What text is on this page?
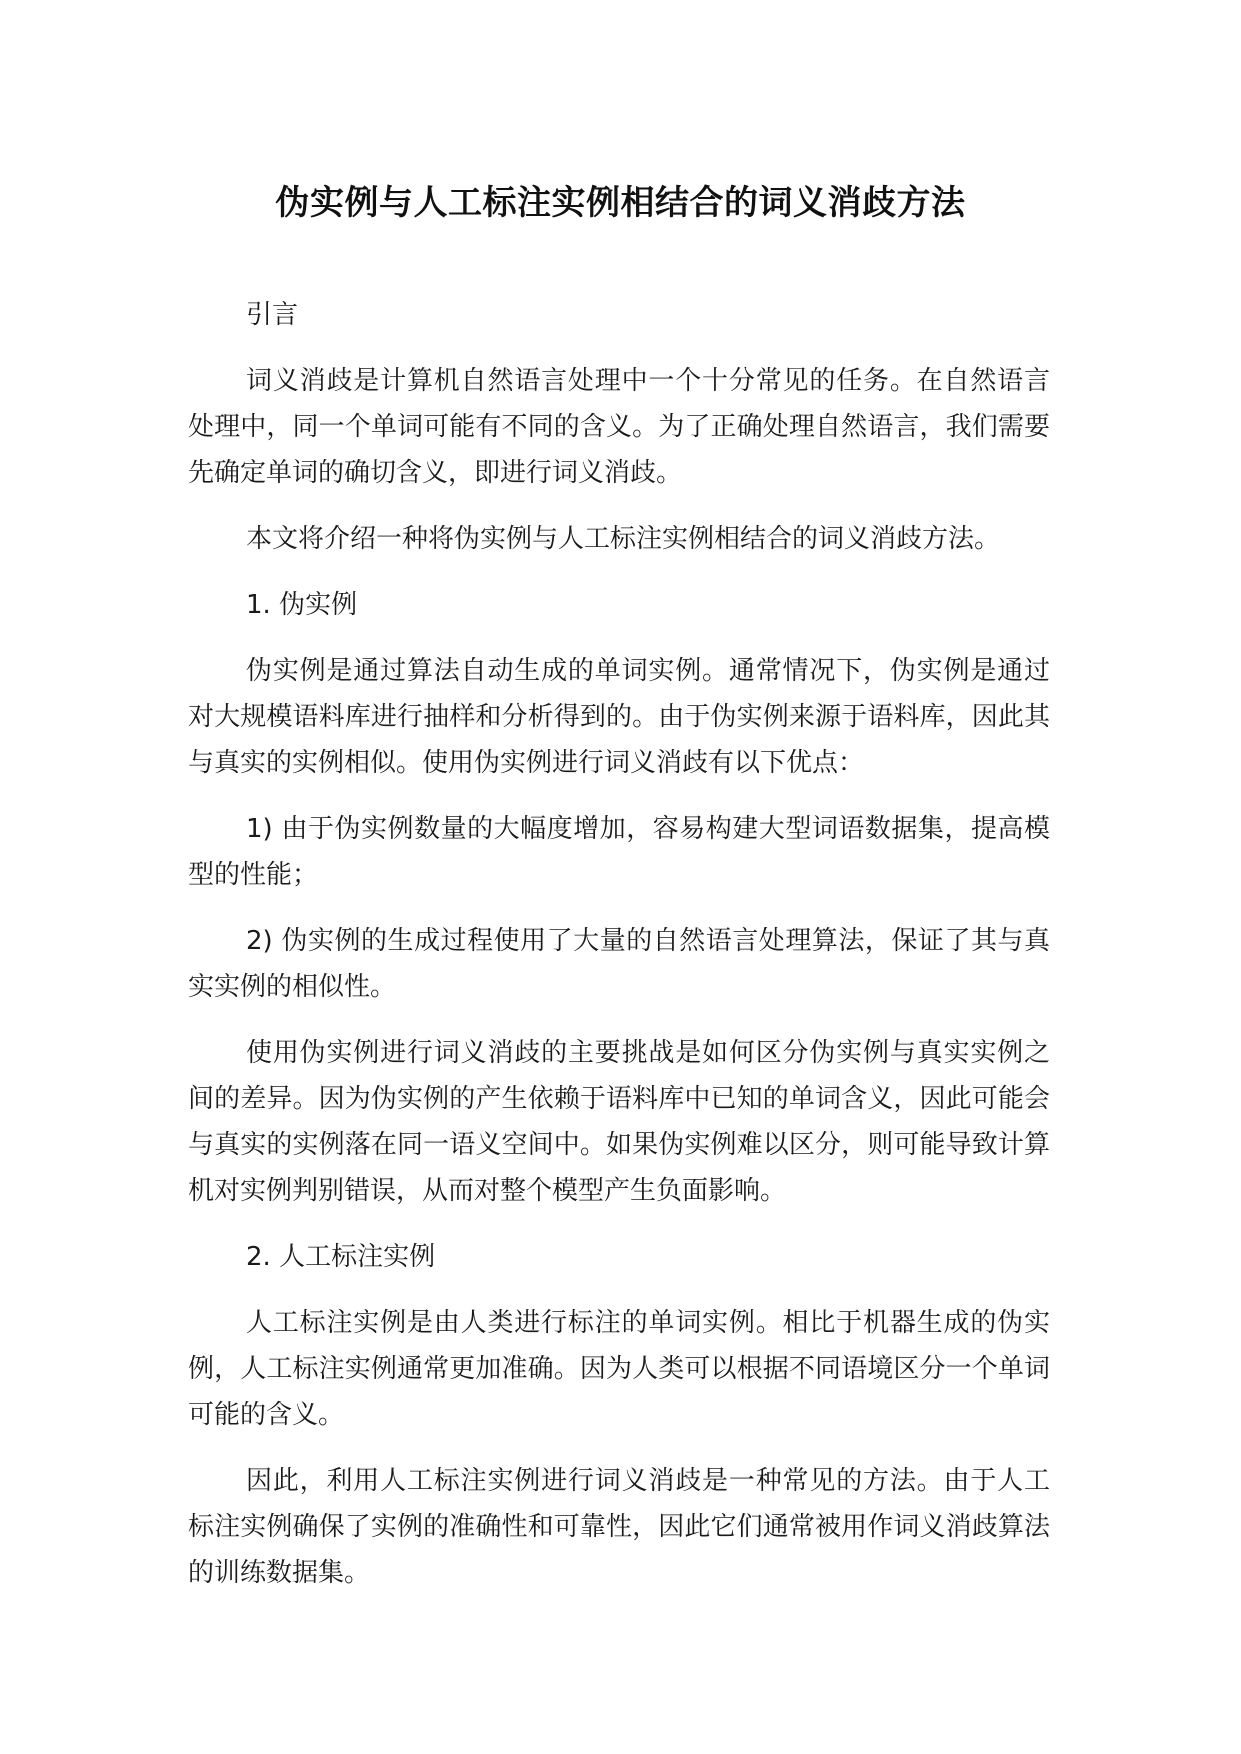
伪实例与人工标注实例相结合的词义消歧方法

引言

词义消歧是计算机自然语言处理中一个十分常见的任务。在自然语言处理中，同一个单词可能有不同的含义。为了正确处理自然语言，我们需要先确定单词的确切含义，即进行词义消歧。

本文将介绍一种将伪实例与人工标注实例相结合的词义消歧方法。

1. 伪实例

伪实例是通过算法自动生成的单词实例。通常情况下，伪实例是通过对大规模语料库进行抽样和分析得到的。由于伪实例来源于语料库，因此其与真实的实例相似。使用伪实例进行词义消歧有以下优点：

1) 由于伪实例数量的大幅度增加，容易构建大型词语数据集，提高模型的性能；

2) 伪实例的生成过程使用了大量的自然语言处理算法，保证了其与真实实例的相似性。

使用伪实例进行词义消歧的主要挑战是如何区分伪实例与真实实例之间的差异。因为伪实例的产生依赖于语料库中已知的单词含义，因此可能会与真实的实例落在同一语义空间中。如果伪实例难以区分，则可能导致计算机对实例判别错误，从而对整个模型产生负面影响。

2. 人工标注实例

人工标注实例是由人类进行标注的单词实例。相比于机器生成的伪实例，人工标注实例通常更加准确。因为人类可以根据不同语境区分一个单词可能的含义。

因此，利用人工标注实例进行词义消歧是一种常见的方法。由于人工标注实例确保了实例的准确性和可靠性，因此它们通常被用作词义消歧算法的训练数据集。
